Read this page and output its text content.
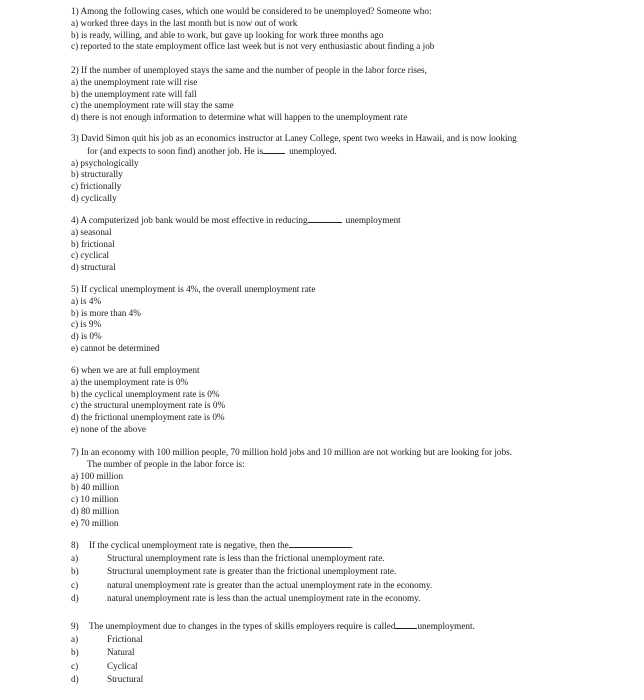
1) Among the following cases, which one would be considered to be unemployed? Someone who:
a) worked three days in the last month but is now out of work
b) is ready, willing, and able to work, but gave up looking for work three months ago
c) reported to the state employment office last week but is not very enthusiastic about finding a job
2) If the number of unemployed stays the same and the number of people in the labor force rises,
a) the unemployment rate will rise
b) the unemployment rate will fall
c) the unemployment rate will stay the same
d) there is not enough information to determine what will happen to the unemployment rate
3) David Simon quit his job as an economics instructor at Laney College, spent two weeks in Hawaii, and is now looking
for (and expects to soon find) another job. He is	unemployed.
a) psychologically
b) structurally
c) frictionally
d) cyclically
4) A computerized job bank would be most effective in reducing	unemployment
a) seasonal
b) frictional
c) cyclical
d) structural
5) If cyclical unemployment is 4%, the overall unemployment rate
a) is 4%
b) is more than 4%
c) is 9%
d) is 0%
e) cannot be determined
6) when we are at full employment
a) the unemployment rate is 0%
b) the cyclical unemployment rate is 0%
c) the structural unemployment rate is 0%
d) the frictional unemployment rate is 0%
e) none of the above
7) In an economy with 100 million people, 70 million hold jobs and 10 million are not working but are looking for jobs.
The number of people in the labor force is:
a) 100 million
b) 40 million
c) 10 million
d) 80 million
e) 70 million
8)	If the cyclical unemployment rate is negative, then the	.
a)	Structural unemployment rate is less than the frictional unemployment rate.
b)	Structural unemployment rate is greater than the frictional unemployment rate.
c)	natural unemployment rate is greater than the actual unemployment rate in the economy.
d)	natural unemployment rate is less than the actual unemployment rate in the economy.
9)	The unemployment due to changes in the types of skills employers require is called unemployment.
a)	Frictional
b)	Natural
c)	Cyclical
d)	Structural
